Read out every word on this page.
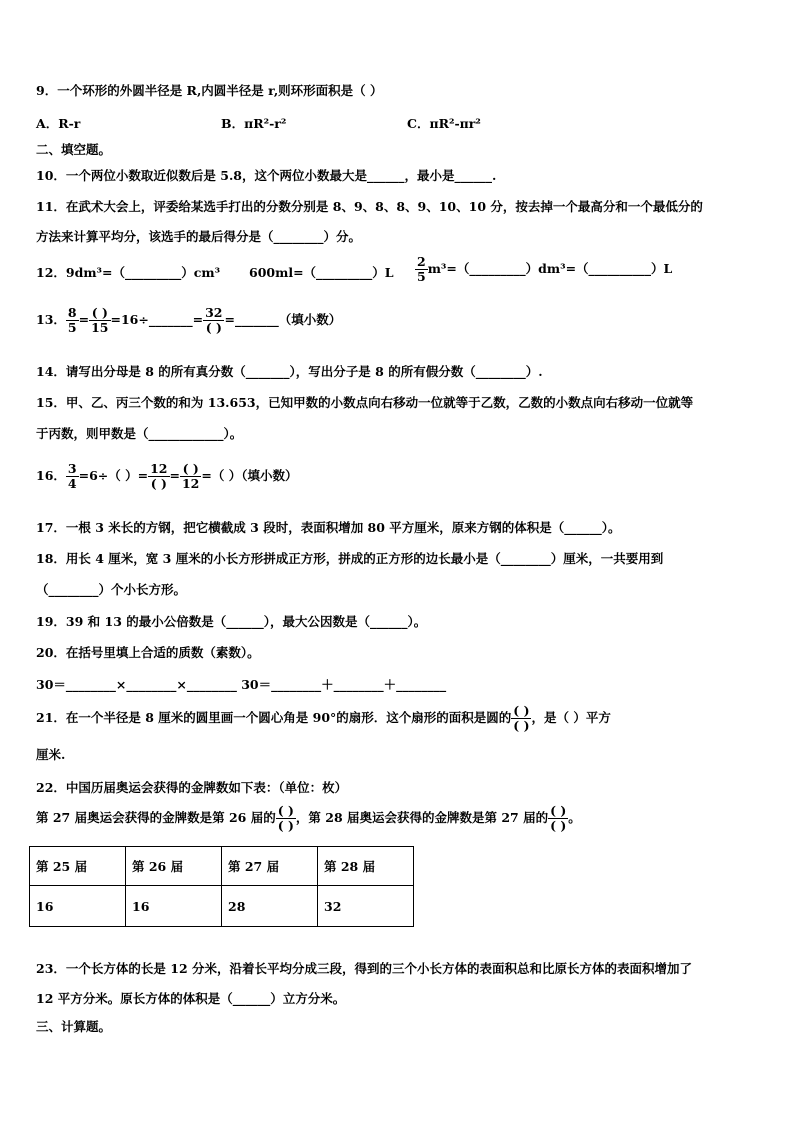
9．一个环形的外圆半径是 R,内圆半径是 r,则环形面积是（ ）
A．R-r	B．πR²-r²	C．πR²-πr²
二、填空题。
10．一个两位小数取近似数后是 5.8，这个两位小数最大是______，最小是______.
11．在武术大会上，评委给某选手打出的分数分别是 8、9、8、8、9、10、10 分，按去掉一个最高分和一个最低分的
方法来计算平均分，该选手的最后得分是（________）分。
12．9dm³=（_________）cm³ 600ml=（_________）L $\frac{2}{5}$ m³=（_________）dm³=（__________）L
13． $\frac{8}{5} = \frac{( )}{15}$ =16÷_______= $\frac{32}{( )}$ =_______（填小数）
14．请写出分母是 8 的所有真分数（_______），写出分子是 8 的所有假分数（________）.
15．甲、乙、丙三个数的和为 13.653，已知甲数的小数点向右移动一位就等于乙数，乙数的小数点向右移动一位就等
于丙数，则甲数是（____________）。
16． $\frac{3}{4} =6\div$（ ）= $\frac{12}{( )} = \frac{( )}{12}$ =（ ）（填小数）
17．一根 3 米长的方钢，把它横截成 3 段时，表面积增加 80 平方厘米，原来方钢的体积是（______）。
18．用长 4 厘米，宽 3 厘米的小长方形拼成正方形，拼成的正方形的边长最小是（________）厘米，一共要用到
（________）个小长方形。
19．39 和 13 的最小公倍数是（______），最大公因数是（______）。
20．在括号里填上合适的质数（素数）。
30＝________×________×________ 30＝________＋________＋________
21．在一个半径是 8 厘米的圆里画一个圆心角是 90°的扇形．这个扇形的面积是圆的 $\frac{( )}{( )}$ ，是（ ）平方
厘米.
22．中国历届奥运会获得的金牌数如下表：（单位：枚）
第 27 届奥运会获得的金牌数是第 26 届的 $\frac{( )}{( )}$ ，第 28 届奥运会获得的金牌数是第 27 届的 $\frac{( )}{( )}$ 。
第 25 届	第 26 届	第 27 届	第 28 届
16	16	28	32
23．一个长方体的长是 12 分米，沿着长平均分成三段，得到的三个小长方体的表面积总和比原长方体的表面积增加了
12 平方分米。原长方体的体积是（______）立方分米。
三、计算题。
